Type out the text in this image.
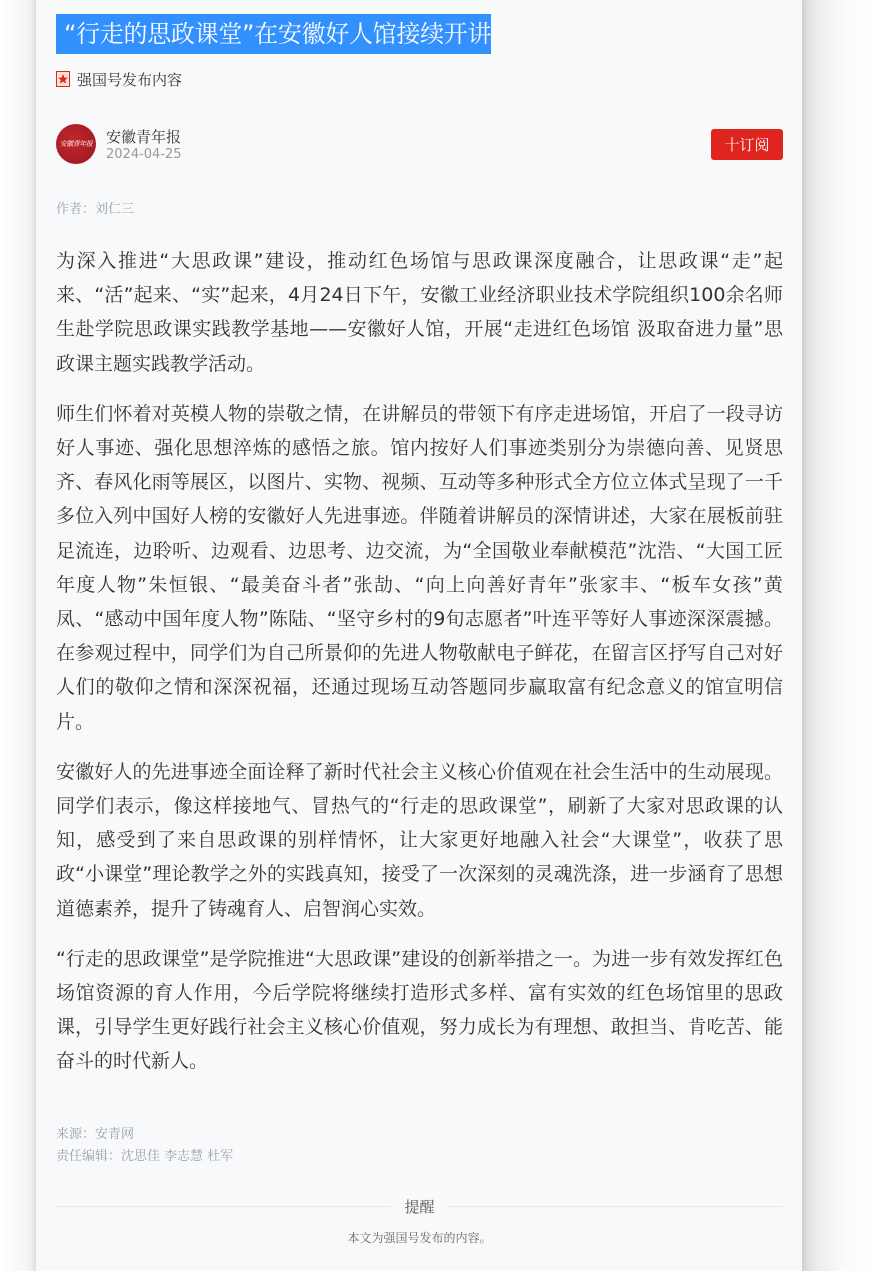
“行走的思政课堂”在安徽好人馆接续开讲
强国号发布内容
安徽青年报 安徽青年报
2024-04-25
十订阅
作者：刘仁三

为深入推进“大思政课”建设，推动红色场馆与思政课深度融合，让思政课“走”起来、“活”起来、“实”起来，4月24日下午，安徽工业经济职业技术学院组织100余名师生赴学院思政课实践教学基地——安徽好人馆，开展“走进红色场馆 汲取奋进力量”思政课主题实践教学活动。

师生们怀着对英模人物的崇敬之情，在讲解员的带领下有序走进场馆，开启了一段寻访好人事迹、强化思想淬炼的感悟之旅。馆内按好人们事迹类别分为崇德向善、见贤思齐、春风化雨等展区，以图片、实物、视频、互动等多种形式全方位立体式呈现了一千多位入列中国好人榜的安徽好人先进事迹。伴随着讲解员的深情讲述，大家在展板前驻足流连，边聆听、边观看、边思考、边交流，为“全国敬业奉献模范”沈浩、“大国工匠年度人物”朱恒银、“最美奋斗者”张劼、“向上向善好青年”张家丰、“板车女孩”黄凤、“感动中国年度人物”陈陆、“坚守乡村的9旬志愿者”叶连平等好人事迹深深震撼。在参观过程中，同学们为自己所景仰的先进人物敬献电子鲜花，在留言区抒写自己对好人们的敬仰之情和深深祝福，还通过现场互动答题同步赢取富有纪念意义的馆宣明信片。

安徽好人的先进事迹全面诠释了新时代社会主义核心价值观在社会生活中的生动展现。同学们表示，像这样接地气、冒热气的“行走的思政课堂”，刷新了大家对思政课的认知，感受到了来自思政课的别样情怀，让大家更好地融入社会“大课堂”，收获了思政“小课堂”理论教学之外的实践真知，接受了一次深刻的灵魂洗涤，进一步涵育了思想道德素养，提升了铸魂育人、启智润心实效。

“行走的思政课堂”是学院推进“大思政课”建设的创新举措之一。为进一步有效发挥红色场馆资源的育人作用，今后学院将继续打造形式多样、富有实效的红色场馆里的思政课，引导学生更好践行社会主义核心价值观，努力成长为有理想、敢担当、肯吃苦、能奋斗的时代新人。

来源：安青网
责任编辑：沈思佳 李志慧 杜军
提醒
本文为强国号发布的内容。
